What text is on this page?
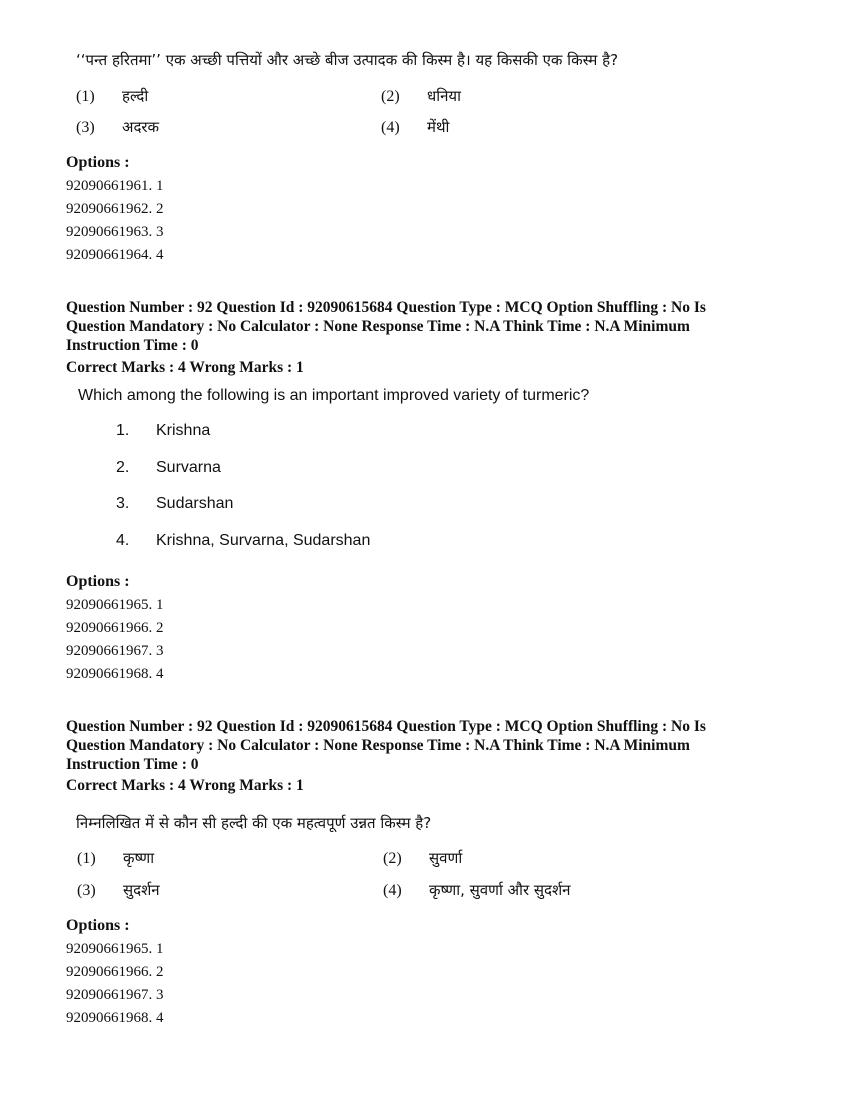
‘‘पन्त हरितमा’’ एक अच्छी पत्तियों और अच्छे बीज उत्पादक की किस्म है। यह किसकी एक किस्म है?
(1) हल्दी	(2) धनिया
(3) अदरक	(4) मेंथी
Options :
92090661961. 1
92090661962. 2
92090661963. 3
92090661964. 4
Question Number : 92 Question Id : 92090615684 Question Type : MCQ Option Shuffling : No Is
Question Mandatory : No Calculator : None Response Time : N.A Think Time : N.A Minimum
Instruction Time : 0
Correct Marks : 4 Wrong Marks : 1
Which among the following is an important improved variety of turmeric?
1. Krishna
2. Survarna
3. Sudarshan
4. Krishna, Survarna, Sudarshan
Options :
92090661965. 1
92090661966. 2
92090661967. 3
92090661968. 4
Question Number : 92 Question Id : 92090615684 Question Type : MCQ Option Shuffling : No Is
Question Mandatory : No Calculator : None Response Time : N.A Think Time : N.A Minimum
Instruction Time : 0
Correct Marks : 4 Wrong Marks : 1
निम्नलिखित में से कौन सी हल्दी की एक महत्वपूर्ण उन्नत किस्म है?
(1) कृष्णा	(2) सुवर्णा
(3) सुदर्शन	(4) कृष्णा, सुवर्णा और सुदर्शन
Options :
92090661965. 1
92090661966. 2
92090661967. 3
92090661968. 4
